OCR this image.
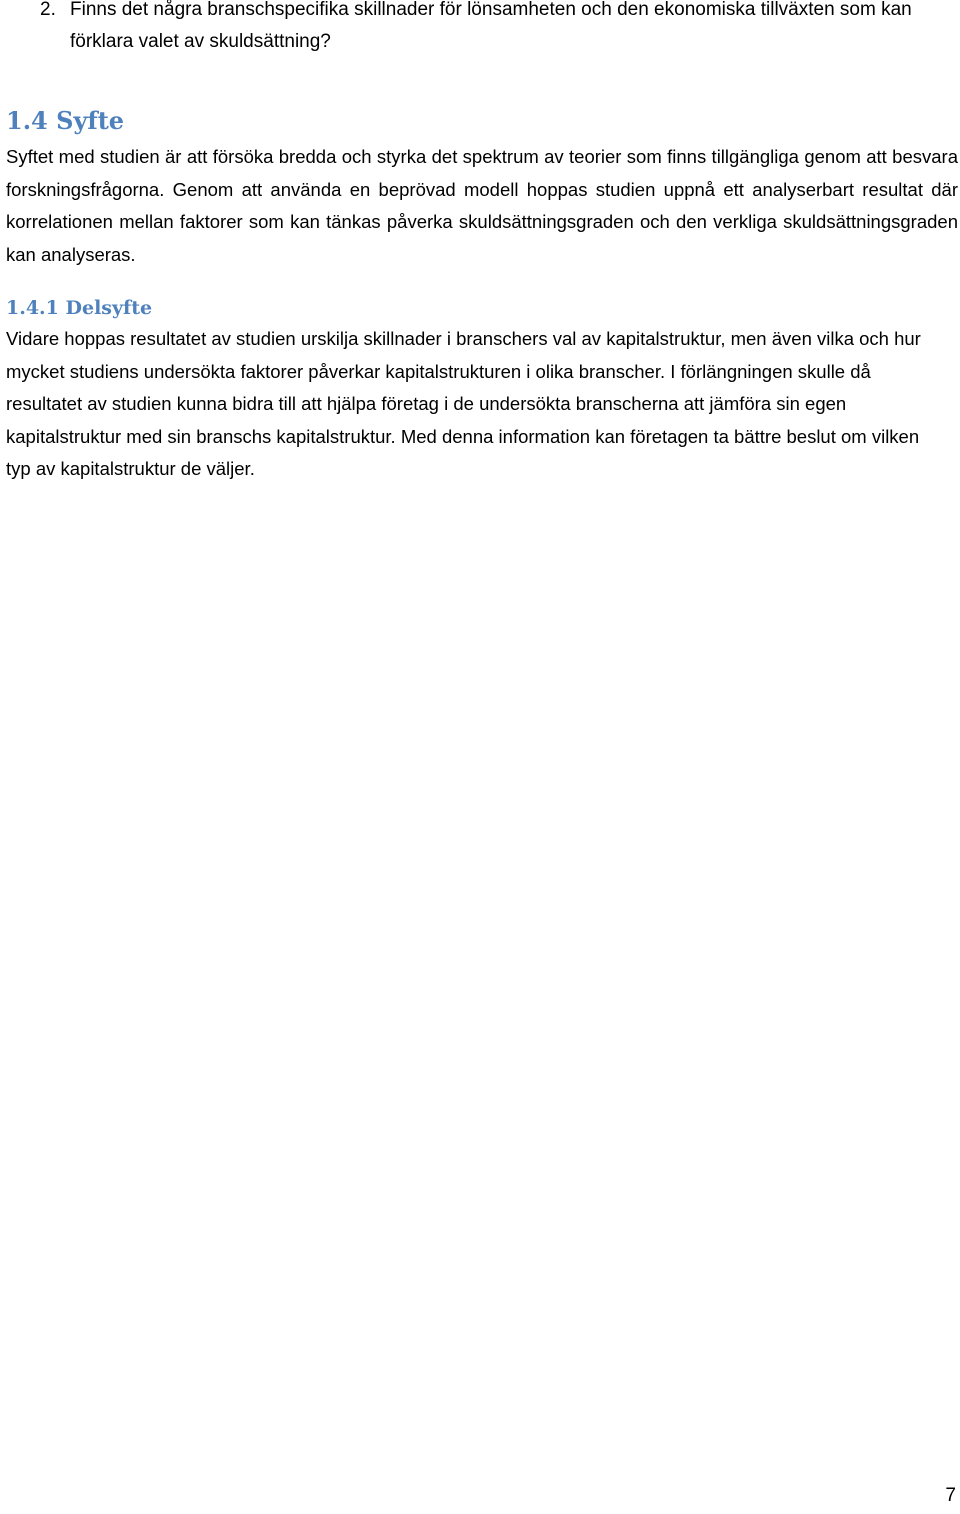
2. Finns det några branschspecifika skillnader för lönsamheten och den ekonomiska tillväxten som kan förklara valet av skuldsättning?
1.4 Syfte

Syftet med studien är att försöka bredda och styrka det spektrum av teorier som finns tillgängliga genom att besvara forskningsfrågorna. Genom att använda en beprövad modell hoppas studien uppnå ett analyserbart resultat där korrelationen mellan faktorer som kan tänkas påverka skuldsättningsgraden och den verkliga skuldsättningsgraden kan analyseras.

1.4.1 Delsyfte

Vidare hoppas resultatet av studien urskilja skillnader i branschers val av kapitalstruktur, men även vilka och hur mycket studiens undersökta faktorer påverkar kapitalstrukturen i olika branscher. I förlängningen skulle då resultatet av studien kunna bidra till att hjälpa företag i de undersökta branscherna att jämföra sin egen kapitalstruktur med sin branschs kapitalstruktur. Med denna information kan företagen ta bättre beslut om vilken typ av kapitalstruktur de väljer.

7
